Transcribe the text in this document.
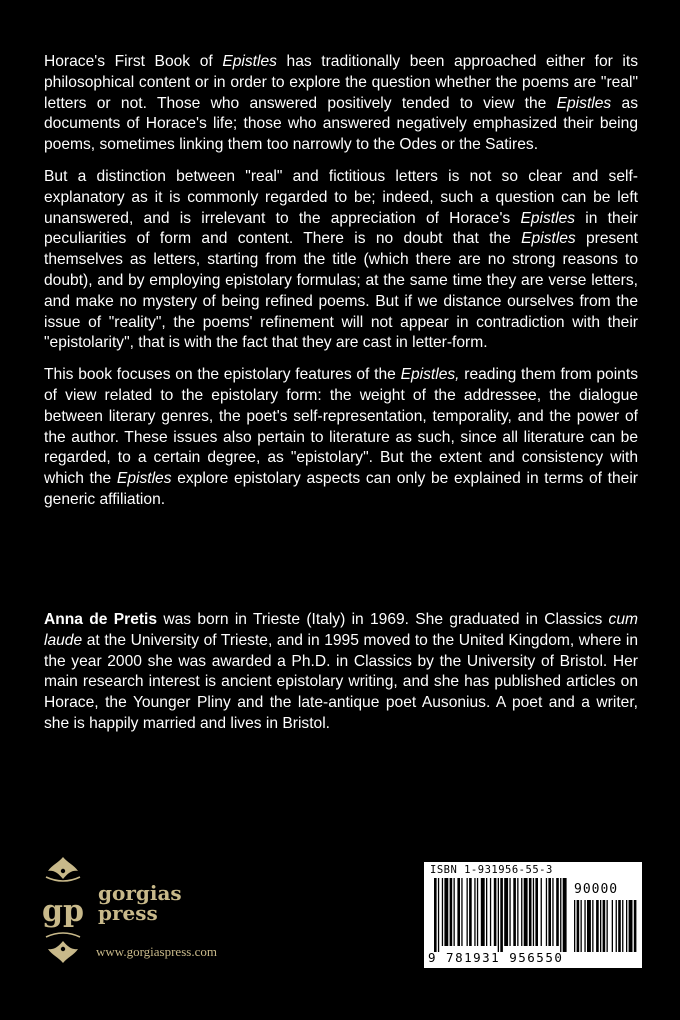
Horace's First Book of Epistles has traditionally been approached either for its philosophical content or in order to explore the question whether the poems are "real" letters or not. Those who answered positively tended to view the Epistles as documents of Horace's life; those who answered negatively emphasized their being poems, sometimes linking them too narrowly to the Odes or the Satires.

But a distinction between "real" and fictitious letters is not so clear and self-explanatory as it is commonly regarded to be; indeed, such a question can be left unanswered, and is irrelevant to the appreciation of Horace's Epistles in their peculiarities of form and content. There is no doubt that the Epistles present themselves as letters, starting from the title (which there are no strong reasons to doubt), and by employing epistolary formulas; at the same time they are verse letters, and make no mystery of being refined poems. But if we distance ourselves from the issue of "reality", the poems' refinement will not appear in contradiction with their "epistolarity", that is with the fact that they are cast in letter-form.

This book focuses on the epistolary features of the Epistles, reading them from points of view related to the epistolary form: the weight of the addressee, the dialogue between literary genres, the poet's self-representation, temporality, and the power of the author. These issues also pertain to literature as such, since all literature can be regarded, to a certain degree, as "epistolary". But the extent and consistency with which the Epistles explore epistolary aspects can only be explained in terms of their generic affiliation.

Anna de Pretis was born in Trieste (Italy) in 1969. She graduated in Classics cum laude at the University of Trieste, and in 1995 moved to the United Kingdom, where in the year 2000 she was awarded a Ph.D. in Classics by the University of Bristol. Her main research interest is ancient epistolary writing, and she has published articles on Horace, the Younger Pliny and the late-antique poet Ausonius. A poet and a writer, she is happily married and lives in Bristol.

gp
gorgias
press
www.gorgiaspress.com
ISBN 1-931956-55-3
90000
9 781931 956550
